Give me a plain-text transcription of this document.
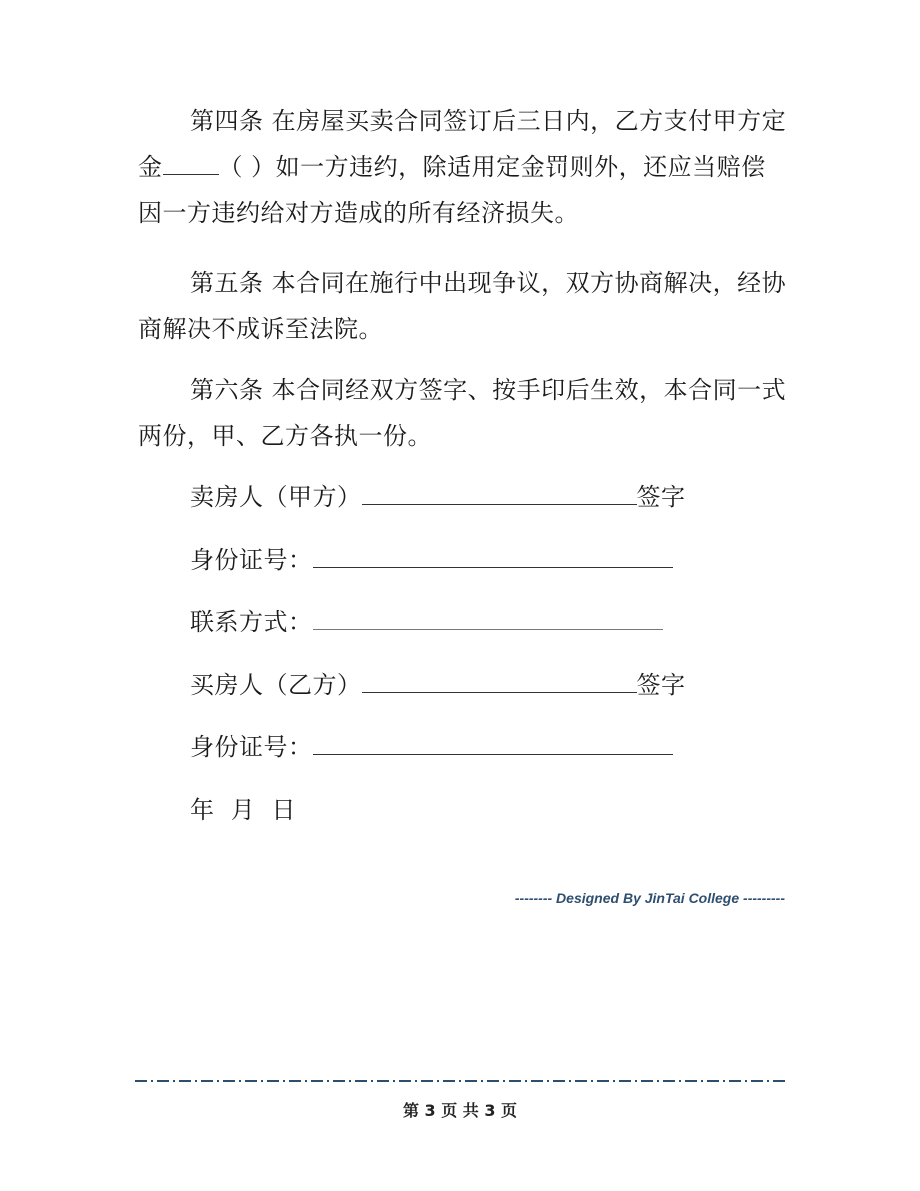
第四条 在房屋买卖合同签订后三日内，乙方支付甲方定金 （ ）如一方违约，除适用定金罚则外，还应当赔偿因一方违约给对方造成的所有经济损失。

第五条 本合同在施行中出现争议，双方协商解决，经协商解决不成诉至法院。

第六条 本合同经双方签字、按手印后生效，本合同一式两份，甲、乙方各执一份。

卖房人（甲方）	签字
身份证号：
联系方式：
买房人（乙方）	签字
身份证号：
年  月  日
-------- Designed By JinTai College ---------
第 3 页 共 3 页
